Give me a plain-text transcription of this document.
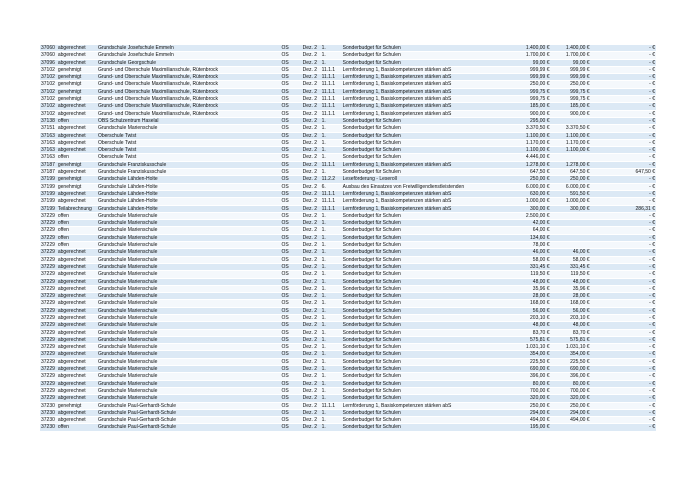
37060	abgerechnet	Grundschule Josefschule Emmeln	OS	Dez. 2	1.	Sonderbudget für Schulen	1.400,00 €	1.400,00 €	- €
37060	abgerechnet	Grundschule Josefschule Emmeln	OS	Dez. 2	1.	Sonderbudget für Schulen	1.700,00 €	1.700,00 €	- €
37096	abgerechnet	Grundschule Georgschule	OS	Dez. 2	1.	Sonderbudget für Schulen	99,00 €	99,00 €	- €
37102	genehmigt	Grund- und Oberschule Maximilianschule, Rütenbrock	OS	Dez. 2	11.1.1	Lernförderung 1, Basiskompetenzen stärken abS	999,99 €	999,99 €	- €
37102	genehmigt	Grund- und Oberschule Maximilianschule, Rütenbrock	OS	Dez. 2	11.1.1	Lernförderung 1, Basiskompetenzen stärken abS	999,99 €	999,99 €	- €
37102	genehmigt	Grund- und Oberschule Maximilianschule, Rütenbrock	OS	Dez. 2	11.1.1	Lernförderung 1, Basiskompetenzen stärken abS	250,00 €	250,00 €	- €
37102	genehmigt	Grund- und Oberschule Maximilianschule, Rütenbrock	OS	Dez. 2	11.1.1	Lernförderung 1, Basiskompetenzen stärken abS	999,75 €	999,75 €	- €
37102	genehmigt	Grund- und Oberschule Maximilianschule, Rütenbrock	OS	Dez. 2	11.1.1	Lernförderung 1, Basiskompetenzen stärken abS	999,75 €	999,75 €	- €
37102	abgerechnet	Grund- und Oberschule Maximilianschule, Rütenbrock	OS	Dez. 2	11.1.1	Lernförderung 1, Basiskompetenzen stärken abS	185,00 €	185,00 €	- €
37102	abgerechnet	Grund- und Oberschule Maximilianschule, Rütenbrock	OS	Dez. 2	11.1.1	Lernförderung 1, Basiskompetenzen stärken abS	900,00 €	900,00 €	- €
37138	offen	OBS Schulzentrum Haselal	OS	Dez. 2	1.	Sonderbudget für Schulen	295,00 €		- €
37151	abgerechnet	Grundschule Marienschule	OS	Dez. 2	1.	Sonderbudget für Schulen	3.370,50 €	3.370,50 €	- €
37163	abgerechnet	Oberschule Twist	OS	Dez. 2	1.	Sonderbudget für Schulen	1.100,00 €	1.100,00 €	- €
37163	abgerechnet	Oberschule Twist	OS	Dez. 2	1.	Sonderbudget für Schulen	1.170,00 €	1.170,00 €	- €
37163	abgerechnet	Oberschule Twist	OS	Dez. 2	1.	Sonderbudget für Schulen	1.100,00 €	1.100,00 €	- €
37163	offen	Oberschule Twist	OS	Dez. 2	1.	Sonderbudget für Schulen	4.446,00 €		- €
37187	genehmigt	Grundschule Franziskusschule	OS	Dez. 2	11.1.1	Lernförderung 1, Basiskompetenzen stärken abS	1.278,00 €	1.278,00 €	- €
37187	abgerechnet	Grundschule Franziskusschule	OS	Dez. 2	1.	Sonderbudget für Schulen	647,50 €	647,50 €	647,50 €
37199	genehmigt	Grundschule Lähden-Holte	OS	Dez. 2	11.2.2	Leseförderung - Leseroll	250,00 €	250,00 €	- €
37199	genehmigt	Grundschule Lähden-Holte	OS	Dez. 2	6.	Ausbau des Einsatzes von Freiwilligendienstleistenden	6.000,00 €	6.000,00 €	- €
37199	abgerechnet	Grundschule Lähden-Holte	OS	Dez. 2	11.1.1	Lernförderung 1, Basiskompetenzen stärken abS	630,00 €	591,50 €	- €
37199	abgerechnet	Grundschule Lähden-Holte	OS	Dez. 2	11.1.1	Lernförderung 1, Basiskompetenzen stärken abS	1.000,00 €	1.000,00 €	- €
37199	Teilabrechnung	Grundschule Lähden-Holte	OS	Dez. 2	11.1.1	Lernförderung 1, Basiskompetenzen stärken abS	300,00 €	300,00 €	286,31 €
37229	offen	Grundschule Marienschule	OS	Dez. 2	1.	Sonderbudget für Schulen	2.500,00 €		- €
37229	offen	Grundschule Marienschule	OS	Dez. 2	1.	Sonderbudget für Schulen	42,00 €		- €
37229	offen	Grundschule Marienschule	OS	Dez. 2	1.	Sonderbudget für Schulen	64,00 €		- €
37229	offen	Grundschule Marienschule	OS	Dez. 2	1.	Sonderbudget für Schulen	134,60 €		- €
37229	offen	Grundschule Marienschule	OS	Dez. 2	1.	Sonderbudget für Schulen	78,00 €		- €
37229	abgerechnet	Grundschule Marienschule	OS	Dez. 2	1.	Sonderbudget für Schulen	46,00 €	46,00 €	- €
37229	abgerechnet	Grundschule Marienschule	OS	Dez. 2	1.	Sonderbudget für Schulen	58,00 €	58,00 €	- €
37229	abgerechnet	Grundschule Marienschule	OS	Dez. 2	1.	Sonderbudget für Schulen	331,45 €	331,45 €	- €
37229	abgerechnet	Grundschule Marienschule	OS	Dez. 2	1.	Sonderbudget für Schulen	119,50 €	119,50 €	- €
37229	abgerechnet	Grundschule Marienschule	OS	Dez. 2	1.	Sonderbudget für Schulen	48,00 €	48,00 €	- €
37229	abgerechnet	Grundschule Marienschule	OS	Dez. 2	1.	Sonderbudget für Schulen	35,96 €	35,96 €	- €
37229	abgerechnet	Grundschule Marienschule	OS	Dez. 2	1.	Sonderbudget für Schulen	28,00 €	28,00 €	- €
37229	abgerechnet	Grundschule Marienschule	OS	Dez. 2	1.	Sonderbudget für Schulen	168,00 €	168,00 €	- €
37229	abgerechnet	Grundschule Marienschule	OS	Dez. 2	1.	Sonderbudget für Schulen	56,00 €	56,00 €	- €
37229	abgerechnet	Grundschule Marienschule	OS	Dez. 2	1.	Sonderbudget für Schulen	203,10 €	203,10 €	- €
37229	abgerechnet	Grundschule Marienschule	OS	Dez. 2	1.	Sonderbudget für Schulen	48,00 €	48,00 €	- €
37229	abgerechnet	Grundschule Marienschule	OS	Dez. 2	1.	Sonderbudget für Schulen	83,70 €	83,70 €	- €
37229	abgerechnet	Grundschule Marienschule	OS	Dez. 2	1.	Sonderbudget für Schulen	575,81 €	575,81 €	- €
37229	abgerechnet	Grundschule Marienschule	OS	Dez. 2	1.	Sonderbudget für Schulen	1.031,10 €	1.031,10 €	- €
37229	abgerechnet	Grundschule Marienschule	OS	Dez. 2	1.	Sonderbudget für Schulen	354,00 €	354,00 €	- €
37229	abgerechnet	Grundschule Marienschule	OS	Dez. 2	1.	Sonderbudget für Schulen	225,50 €	225,50 €	- €
37229	abgerechnet	Grundschule Marienschule	OS	Dez. 2	1.	Sonderbudget für Schulen	690,00 €	690,00 €	- €
37229	abgerechnet	Grundschule Marienschule	OS	Dez. 2	1.	Sonderbudget für Schulen	396,00 €	396,00 €	- €
37229	abgerechnet	Grundschule Marienschule	OS	Dez. 2	1.	Sonderbudget für Schulen	80,00 €	80,00 €	- €
37229	abgerechnet	Grundschule Marienschule	OS	Dez. 2	1.	Sonderbudget für Schulen	700,00 €	700,00 €	- €
37229	abgerechnet	Grundschule Marienschule	OS	Dez. 2	1.	Sonderbudget für Schulen	320,00 €	320,00 €	- €
37230	genehmigt	Grundschule Paul-Gerhardt-Schule	OS	Dez. 2	11.1.1	Lernförderung 1, Basiskompetenzen stärken abS	250,00 €	250,00 €	- €
37230	abgerechnet	Grundschule Paul-Gerhardt-Schule	OS	Dez. 2	1.	Sonderbudget für Schulen	294,00 €	294,00 €	- €
37230	abgerechnet	Grundschule Paul-Gerhardt-Schule	OS	Dez. 2	1.	Sonderbudget für Schulen	494,00 €	494,00 €	- €
37230	offen	Grundschule Paul-Gerhardt-Schule	OS	Dez. 2	1.	Sonderbudget für Schulen	195,00 €		- €
